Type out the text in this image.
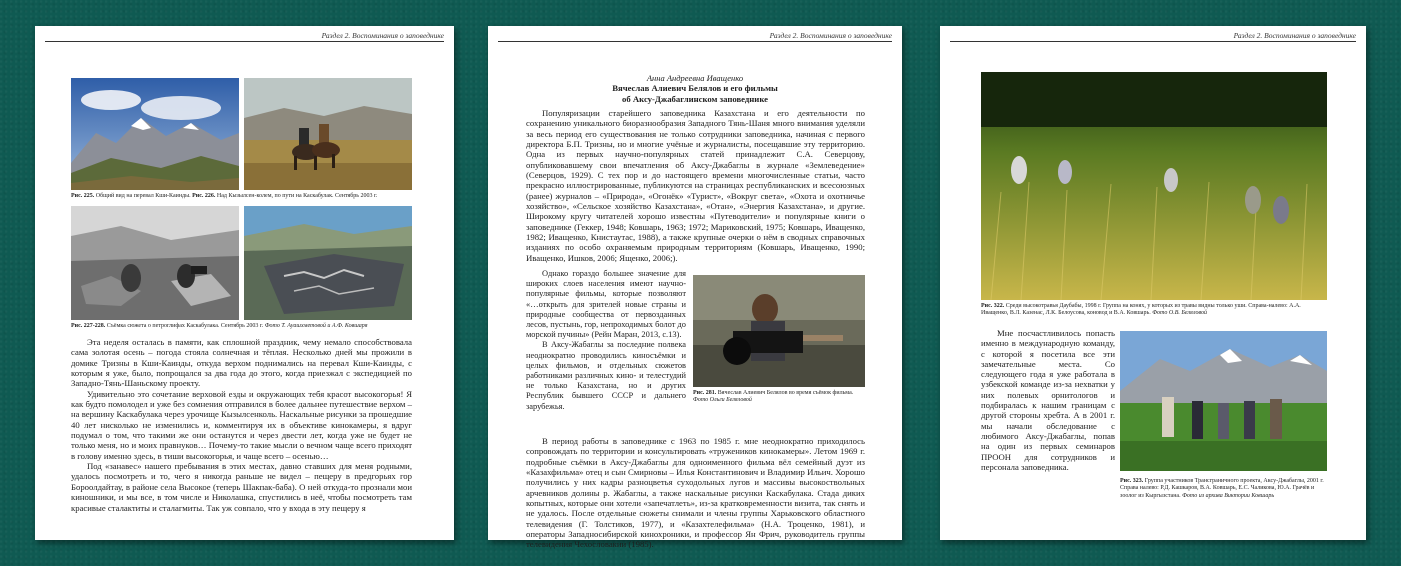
Раздел 2. Воспоминания о заповеднике
Рис. 225. Общий вид на перевал Кши-Каинды. Рис. 226. Над Кызылсен-колем, по пути на Каскабулак. Сентябрь 2003 г.
Рис. 227-228. Съёмка сюжета о петроглифах Каскабулака. Сентябрь 2003 г. Фото Т. Ауашхметовой и А.Ф. Ковшаря

Эта неделя осталась в памяти, как сплошной праздник, чему немало способствовала сама золотая осень – погода стояла солнечная и тёплая. Несколько дней мы прожили в домике Тризны в Кши-Каинды, откуда верхом поднимались на перевал Кши-Каинды, с которым я уже, было, попрощался за два года до этого, когда приезжал с экспедицией по Западно-Тянь-Шаньскому проекту.

Удивительно это сочетание верховой езды и окружающих тебя красот высокогорья! Я как будто помолодел и уже без сомнения отправился в более дальнее путешествие верхом – на вершину Каскабулака через урочище Кызылсенколь. Наскальные рисунки за прошедшие 40 лет нисколько не изменились и, комментируя их в объективе кинокамеры, я вдруг подумал о том, что такими же они останутся и через двести лет, когда уже не будет не только меня, но и моих правнуков… Почему-то такие мысли о вечном чаще всего приходят в голову именно здесь, в тиши высокогорья, и чаще всего – осенью…

Под «занавес» нашего пребывания в этих местах, давно ставших для меня родными, удалось посмотреть и то, чего я никогда раньше не видел – пещеру в предгорьях гор Бороолдайтау, в районе села Высокое (теперь Шакпак-баба). О ней откуда-то прознали мои киношники, и мы все, в том числе и Николашка, спустились в неё, чтобы посмотреть там красивые сталактиты и сталагмиты. Так уж совпало, что у входа в эту пещеру я

Раздел 2. Воспоминания о заповеднике
Анна Андреевна Иващенко
Вячеслав Алиевич Белялов и его фильмы
об Аксу-Джабаглинском заповеднике

Популяризации старейшего заповедника Казахстана и его деятельности по сохранению уникального биоразнообразия Западного Тянь-Шаня много внимания уделяли за весь период его существования не только сотрудники заповедника, начиная с первого директора Б.П. Тризны, но и многие учёные и журналисты, посещавшие эту территорию. Одна из первых научно-популярных статей принадлежит С.А. Северцову, опубликовавшему свои впечатления об Аксу-Джабаглы в журнале «Землеведение» (Северцов, 1929). С тех пор и до настоящего времени многочисленные статьи, часто прекрасно иллюстрированные, публикуются на страницах республиканских и всесоюзных (ранее) журналов – «Природа», «Огонёк» «Турист», «Вокруг света», «Охота и охотничье хозяйство», «Сельское хозяйство Казахстана», «Отан», «Энергия Казахстана», и другие. Широкому кругу читателей хорошо известны «Путеводители» и популярные книги о заповеднике (Геккер, 1948; Ковшарь, 1963; 1972; Мариковский, 1975; Ковшарь, Иващенко, 1982; Иващенко, Книстаутас, 1988), а также крупные очерки о нём в сводных справочных изданиях по особо охраняемым природным территориям (Ковшарь, Иващенко, 1990; Иващенко, Ишков, 2006; Ященко, 2006;).

Однако гораздо большее значение для широких слоев населения имеют научно-популярные фильмы, которые позволяют «…открыть для зрителей новые страны и природные сообщества от первозданных лесов, пустынь, гор, непроходимых болот до морской пучины» (Рейн Маран, 2013, с.13).

В Аксу-Жабаглы за последние полвека неоднократно проводились киносъёмки и целых фильмов, и отдельных сюжетов работниками различных кино- и телестудий не только Казахстана, но и других Республик бывшего СССР и дальнего зарубежья.

Рис. 281. Вячеслав Алиевич Белялов во время съёмок фильма. Фото Ольги Беляловой

В период работы в заповеднике с 1963 по 1985 г. мне неоднократно приходилось сопровождать по территории и консультировать «тружеников кинокамеры». Летом 1969 г. подробные съёмки в Аксу-Джабаглы для одноименного фильма вёл семейный дуэт из «Казахфильма» отец и сын Смирновы – Илья Константинович и Владимир Ильич. Хорошо получились у них кадры разноцветья суходольных лугов и массивы высокоствольных арчевников долины р. Жабаглы, а также наскальные рисунки Каскабулака. Стада диких копытных, которые они хотели «запечатлеть», из-за кратковременности визита, так снять и не удалось. После отдельные сюжеты снимали и члены группы Харьковского областного телевидения (Г. Толстиков, 1977), и «Казахтелефильма» (Н.А. Троценко, 1981), и операторы Западносибирской кинохроники, и профессор Ян Фрич, руководитель группы телевидения Чехословакии (1985).

Раздел 2. Воспоминания о заповеднике
Рис. 322. Среди высокотравья Даубабы, 1998 г. Группа на конях, у которых из травы видны только уши. Справа-налево: А.А. Иващенко, В.Л. Казенас, Л.К. Белоусова, коновод и В.А. Ковшарь. Фото О.В. Беляловой

Мне посчастливилось попасть именно в международную команду, с которой я посетила все эти замечательные места. Со следующего года я уже работала в узбекской команде из-за нехватки у них полевых орнитологов и подбиралась к нашим границам с другой стороны хребта. А в 2001 г. мы начали обследование с любимого Аксу-Джабаглы, попав на один из первых семинаров ПРООН для сотрудников и персонала заповедника.

Рис. 323. Группа участников Трансграничного проекта, Аксу-Джабаглы, 2001 г. Справа налево: Р.Д. Кашкаров, В.А. Ковшарь, Е.С. Чаликова, Ю.А. Грачёв и зоолог из Кыргызстана. Фото из архива Виктории Ковшарь
